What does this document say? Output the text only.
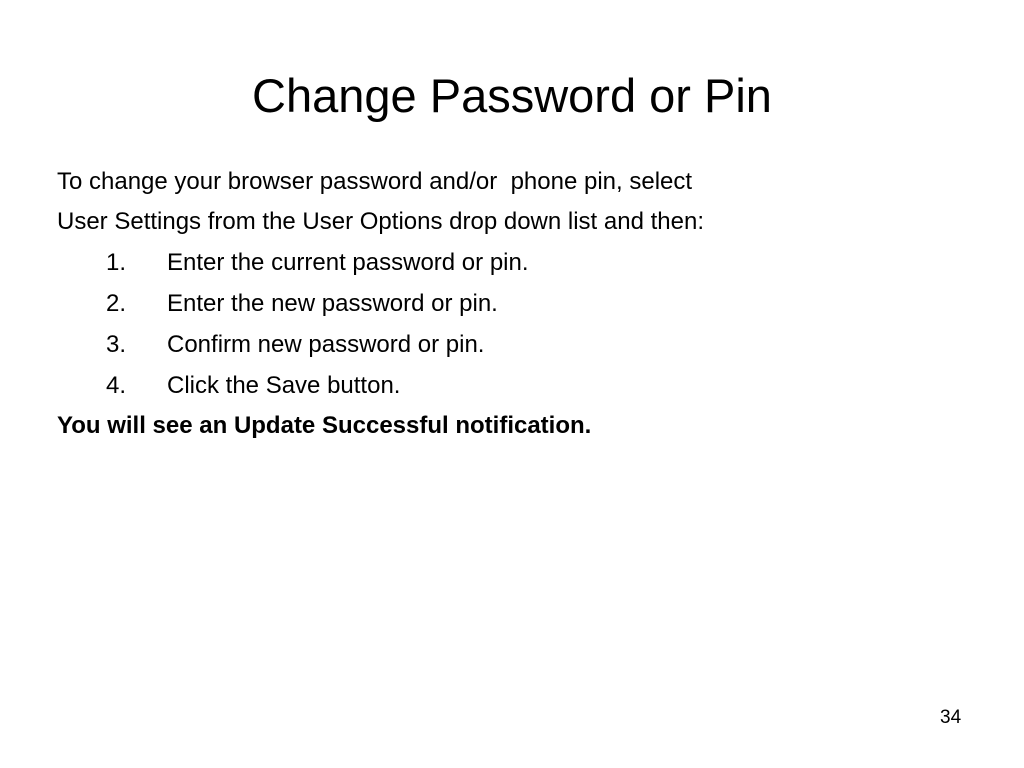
Change Password or Pin
To change your browser password and/or  phone pin, select
User Settings from the User Options drop down list and then:
1. Enter the current password or pin.
2. Enter the new password or pin.
3. Confirm new password or pin.
4. Click the Save button.
You will see an Update Successful notification.
34
